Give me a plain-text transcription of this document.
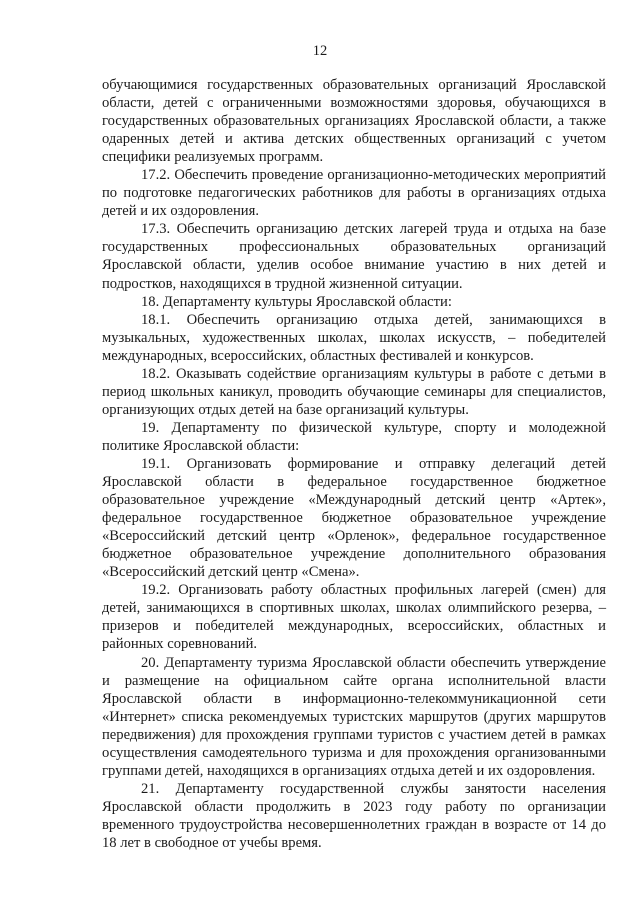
12

обучающимися государственных образовательных организаций Ярославской области, детей с ограниченными возможностями здоровья, обучающихся в государственных образовательных организациях Ярославской области, а также одаренных детей и актива детских общественных организаций с учетом специфики реализуемых программ.

17.2. Обеспечить проведение организационно-методических мероприятий по подготовке педагогических работников для работы в организациях отдыха детей и их оздоровления.

17.3. Обеспечить организацию детских лагерей труда и отдыха на базе государственных профессиональных образовательных организаций Ярославской области, уделив особое внимание участию в них детей и подростков, находящихся в трудной жизненной ситуации.

18. Департаменту культуры Ярославской области:

18.1. Обеспечить организацию отдыха детей, занимающихся в музыкальных, художественных школах, школах искусств, – победителей международных, всероссийских, областных фестивалей и конкурсов.

18.2. Оказывать содействие организациям культуры в работе с детьми в период школьных каникул, проводить обучающие семинары для специалистов, организующих отдых детей на базе организаций культуры.

19. Департаменту по физической культуре, спорту и молодежной политике Ярославской области:

19.1. Организовать формирование и отправку делегаций детей Ярославской области в федеральное государственное бюджетное образовательное учреждение «Международный детский центр «Артек», федеральное государственное бюджетное образовательное учреждение «Всероссийский детский центр «Орленок», федеральное государственное бюджетное образовательное учреждение дополнительного образования «Всероссийский детский центр «Смена».

19.2. Организовать работу областных профильных лагерей (смен) для детей, занимающихся в спортивных школах, школах олимпийского резерва, – призеров и победителей международных, всероссийских, областных и районных соревнований.

20. Департаменту туризма Ярославской области обеспечить утверждение и размещение на официальном сайте органа исполнительной власти Ярославской области в информационно-телекоммуникационной сети «Интернет» списка рекомендуемых туристских маршрутов (других маршрутов передвижения) для прохождения группами туристов с участием детей в рамках осуществления самодеятельного туризма и для прохождения организованными группами детей, находящихся в организациях отдыха детей и их оздоровления.

21. Департаменту государственной службы занятости населения Ярославской области продолжить в 2023 году работу по организации временного трудоустройства несовершеннолетних граждан в возрасте от 14 до 18 лет в свободное от учебы время.
